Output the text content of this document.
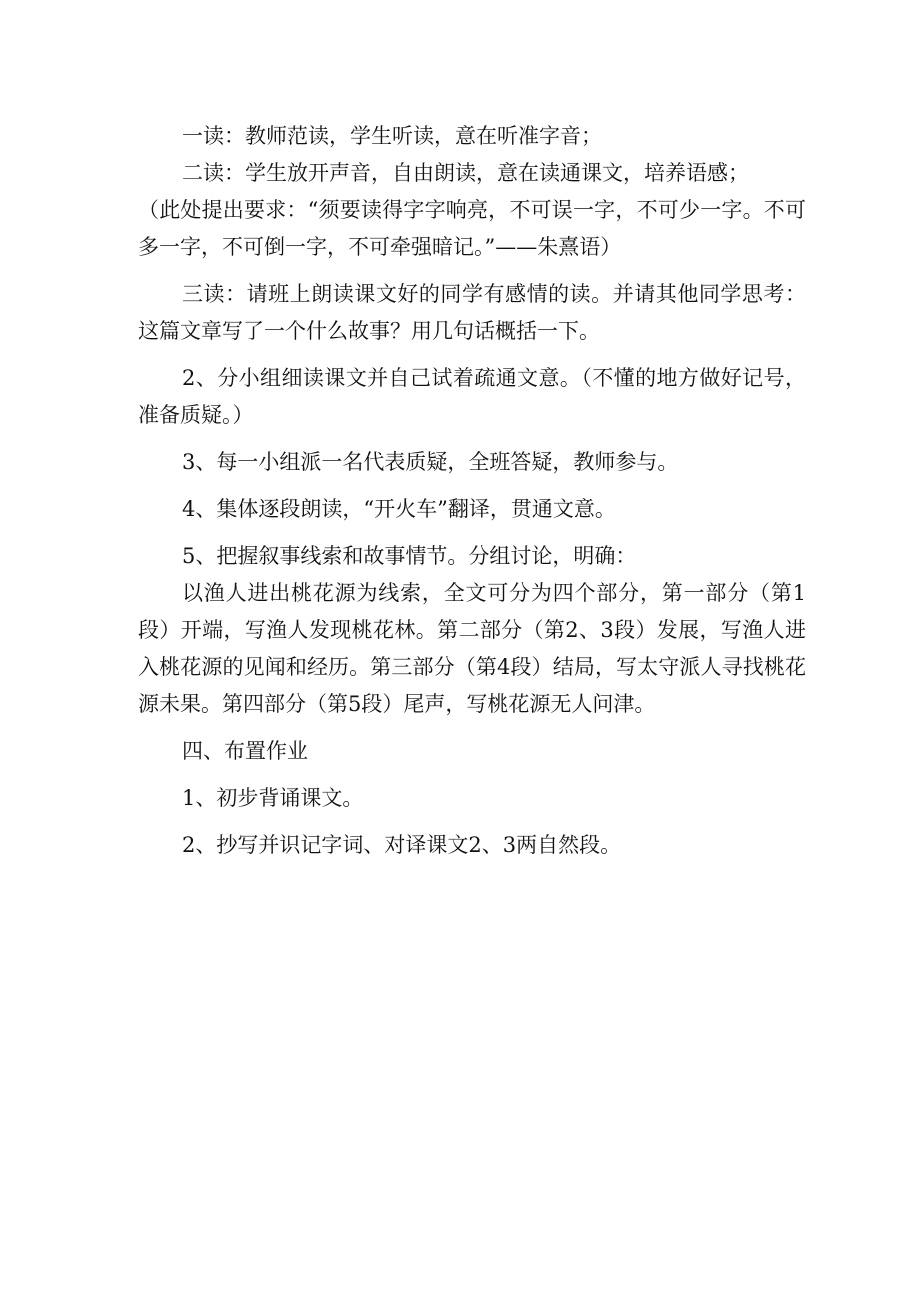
一读：教师范读，学生听读，意在听准字音；

二读：学生放开声音，自由朗读，意在读通课文，培养语感；

（此处提出要求：“须要读得字字响亮，不可误一字，不可少一字。不可多一字，不可倒一字，不可牵强暗记。”——朱熹语）

三读：请班上朗读课文好的同学有感情的读。并请其他同学思考：这篇文章写了一个什么故事？用几句话概括一下。

2、分小组细读课文并自己试着疏通文意。（不懂的地方做好记号，准备质疑。）

3、每一小组派一名代表质疑，全班答疑，教师参与。

4、集体逐段朗读，“开火车”翻译，贯通文意。

5、把握叙事线索和故事情节。分组讨论，明确：

以渔人进出桃花源为线索，全文可分为四个部分，第一部分（第1段）开端，写渔人发现桃花林。第二部分（第2、3段）发展，写渔人进入桃花源的见闻和经历。第三部分（第4段）结局，写太守派人寻找桃花源未果。第四部分（第5段）尾声，写桃花源无人问津。

四、布置作业

1、初步背诵课文。

2、抄写并识记字词、对译课文2、3两自然段。
